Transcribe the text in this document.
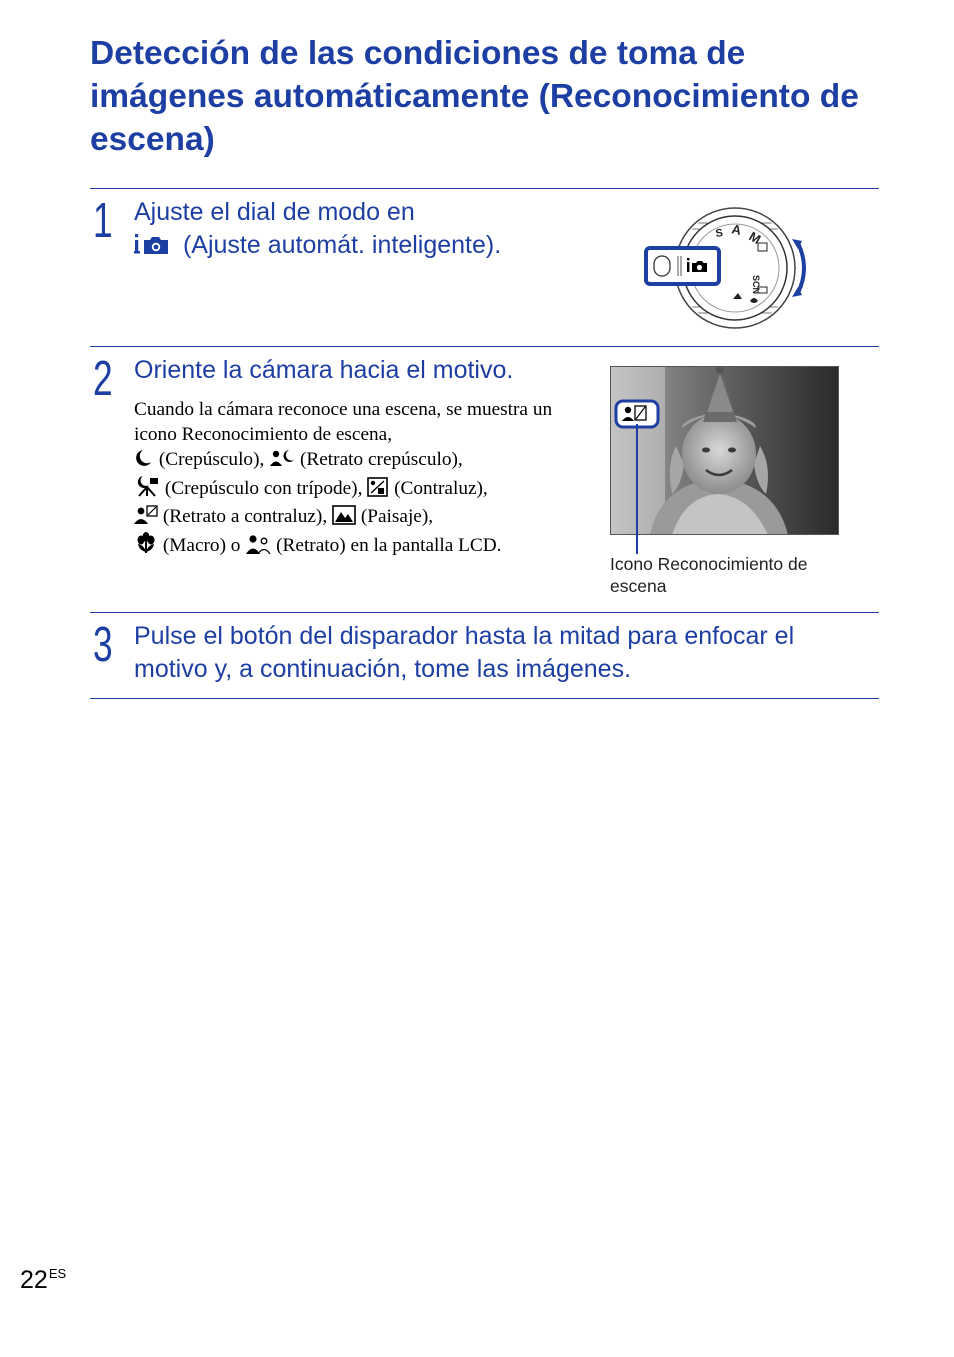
Detección de las condiciones de toma de imágenes automáticamente (Reconocimiento de escena)
1 Ajuste el dial de modo en
(Ajuste automát. inteligente).	M
A
S
SCN
2 Oriente la cámara hacia el motivo.
Cuando la cámara reconoce una escena, se muestra un icono Reconocimiento de escena,
(Crepúsculo), (Retrato crepúsculo),
(Crepúsculo con trípode), (Contraluz),
(Retrato a contraluz), (Paisaje),
(Macro) o (Retrato) en la pantalla LCD.
Icono Reconocimiento de escena
3 Pulse el botón del disparador hasta la mitad para enfocar el motivo y, a continuación, tome las imágenes.
$22^{ES}$
